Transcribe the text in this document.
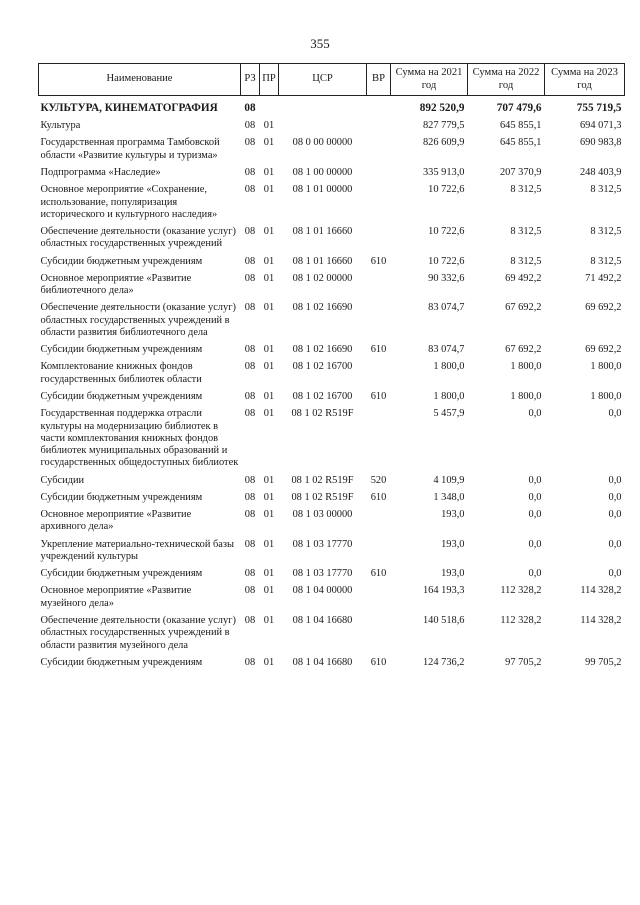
355
Наименование	РЗ	ПР	ЦСР	ВР	Сумма на 2021 год	Сумма на 2022 год	Сумма на 2023 год
КУЛЬТУРА, КИНЕМАТОГРАФИЯ	08				892 520,9	707 479,6	755 719,5
Культура	08	01			827 779,5	645 855,1	694 071,3
Государственная программа Тамбовской области «Развитие культуры и туризма»	08	01	08 0 00 00000		826 609,9	645 855,1	690 983,8
Подпрограмма «Наследие»	08	01	08 1 00 00000		335 913,0	207 370,9	248 403,9
Основное мероприятие «Сохранение, использование, популяризация исторического и культурного наследия»	08	01	08 1 01 00000		10 722,6	8 312,5	8 312,5
Обеспечение деятельности (оказание услуг) областных государственных учреждений	08	01	08 1 01 16660		10 722,6	8 312,5	8 312,5
Субсидии бюджетным учреждениям	08	01	08 1 01 16660	610	10 722,6	8 312,5	8 312,5
Основное мероприятие «Развитие библиотечного дела»	08	01	08 1 02 00000		90 332,6	69 492,2	71 492,2
Обеспечение деятельности (оказание услуг) областных государственных учреждений в области развития библиотечного дела	08	01	08 1 02 16690		83 074,7	67 692,2	69 692,2
Субсидии бюджетным учреждениям	08	01	08 1 02 16690	610	83 074,7	67 692,2	69 692,2
Комплектование книжных фондов государственных библиотек области	08	01	08 1 02 16700		1 800,0	1 800,0	1 800,0
Субсидии бюджетным учреждениям	08	01	08 1 02 16700	610	1 800,0	1 800,0	1 800,0
Государственная поддержка отрасли культуры на модернизацию библиотек в части комплектования книжных фондов библиотек муниципальных образований и государственных общедоступных библиотек	08	01	08 1 02 R519F		5 457,9	0,0	0,0
Субсидии	08	01	08 1 02 R519F	520	4 109,9	0,0	0,0
Субсидии бюджетным учреждениям	08	01	08 1 02 R519F	610	1 348,0	0,0	0,0
Основное мероприятие «Развитие архивного дела»	08	01	08 1 03 00000		193,0	0,0	0,0
Укрепление материально-технической базы учреждений культуры	08	01	08 1 03 17770		193,0	0,0	0,0
Субсидии бюджетным учреждениям	08	01	08 1 03 17770	610	193,0	0,0	0,0
Основное мероприятие «Развитие музейного дела»	08	01	08 1 04 00000		164 193,3	112 328,2	114 328,2
Обеспечение деятельности (оказание услуг) областных государственных учреждений в области развития музейного дела	08	01	08 1 04 16680		140 518,6	112 328,2	114 328,2
Субсидии бюджетным учреждениям	08	01	08 1 04 16680	610	124 736,2	97 705,2	99 705,2
